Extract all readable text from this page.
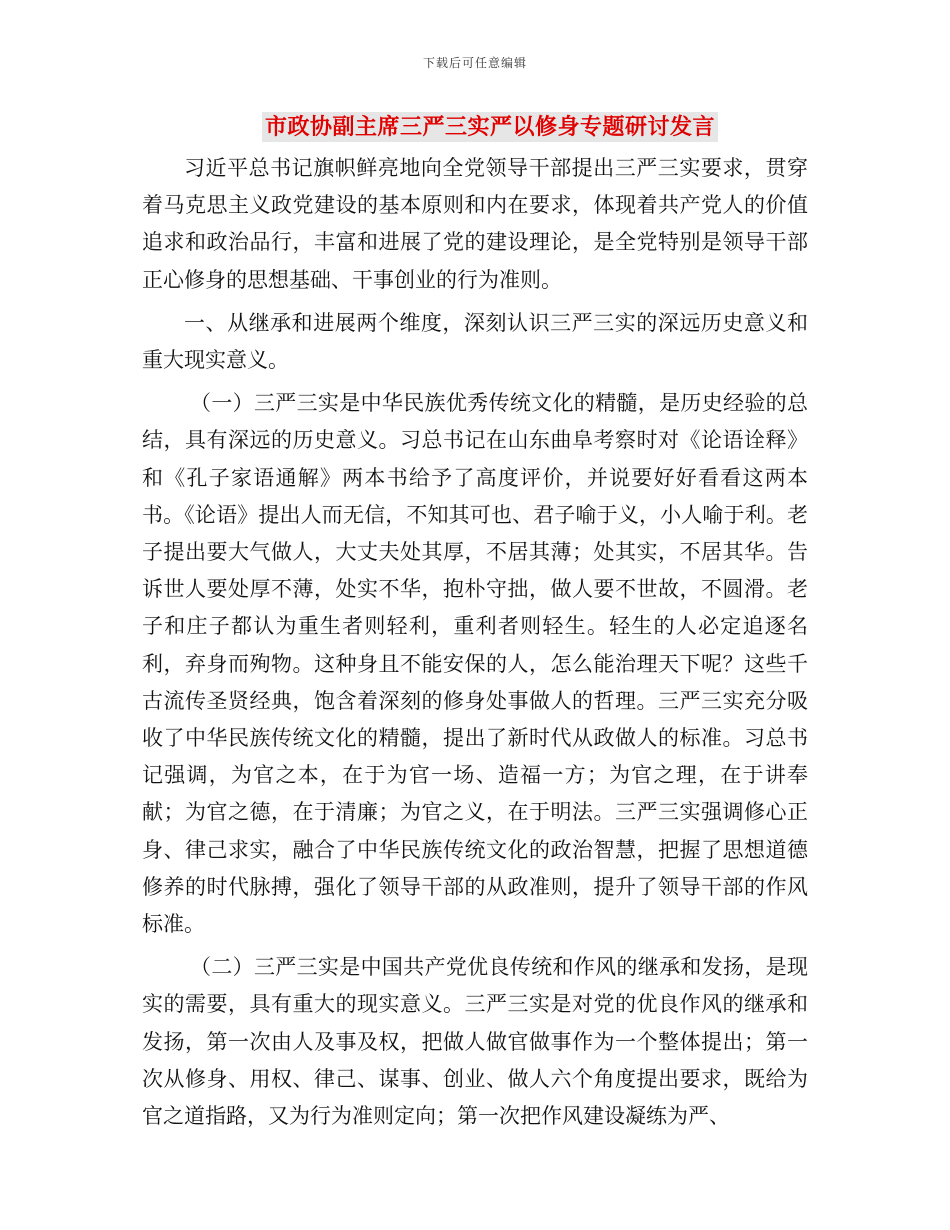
下载后可任意编辑
市政协副主席三严三实严以修身专题研讨发言

习近平总书记旗帜鲜亮地向全党领导干部提出三严三实要求，贯穿着马克思主义政党建设的基本原则和内在要求，体现着共产党人的价值追求和政治品行，丰富和进展了党的建设理论，是全党特别是领导干部正心修身的思想基础、干事创业的行为准则。

一、从继承和进展两个维度，深刻认识三严三实的深远历史意义和重大现实意义。

（一）三严三实是中华民族优秀传统文化的精髓，是历史经验的总结，具有深远的历史意义。习总书记在山东曲阜考察时对《论语诠释》和《孔子家语通解》两本书给予了高度评价，并说要好好看看这两本书。《论语》提出人而无信，不知其可也、君子喻于义，小人喻于利。老子提出要大气做人，大丈夫处其厚，不居其薄；处其实，不居其华。告诉世人要处厚不薄，处实不华，抱朴守拙，做人要不世故，不圆滑。老子和庄子都认为重生者则轻利，重利者则轻生。轻生的人必定追逐名利，弃身而殉物。这种身且不能安保的人，怎么能治理天下呢？这些千古流传圣贤经典，饱含着深刻的修身处事做人的哲理。三严三实充分吸收了中华民族传统文化的精髓，提出了新时代从政做人的标准。习总书记强调，为官之本，在于为官一场、造福一方；为官之理，在于讲奉献；为官之德，在于清廉；为官之义，在于明法。三严三实强调修心正身、律己求实，融合了中华民族传统文化的政治智慧，把握了思想道德修养的时代脉搏，强化了领导干部的从政准则，提升了领导干部的作风标准。

（二）三严三实是中国共产党优良传统和作风的继承和发扬，是现实的需要，具有重大的现实意义。三严三实是对党的优良作风的继承和发扬，第一次由人及事及权，把做人做官做事作为一个整体提出；第一次从修身、用权、律己、谋事、创业、做人六个角度提出要求，既给为官之道指路，又为行为准则定向；第一次把作风建设凝练为严、
